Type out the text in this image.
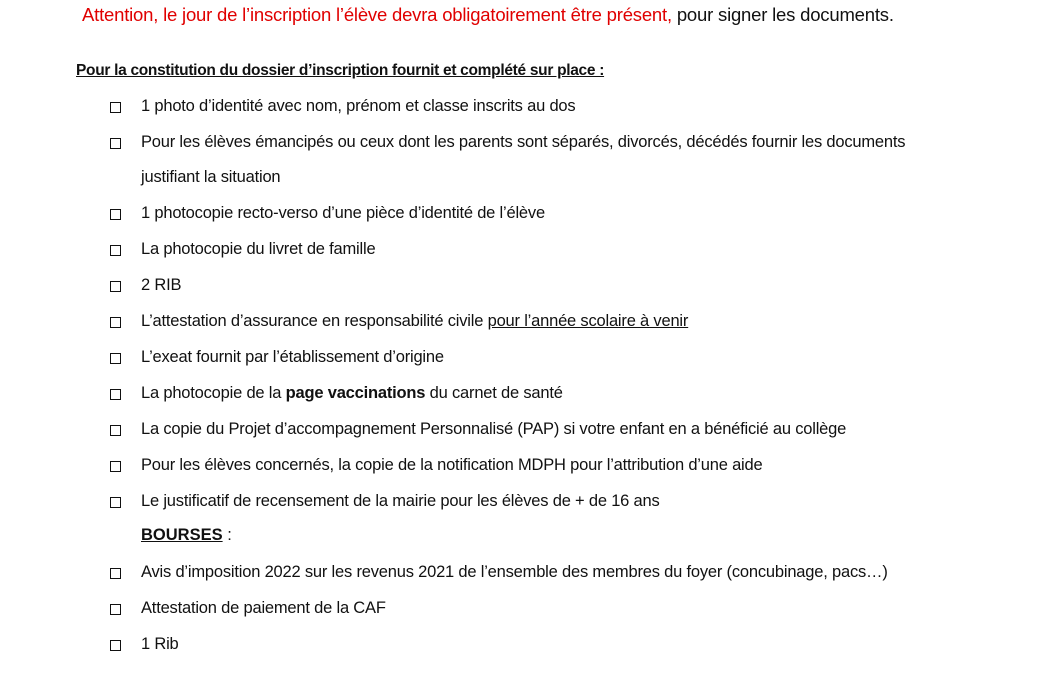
Attention, le jour de l’inscription l’élève devra obligatoirement être présent, pour signer les documents.
Pour la constitution du dossier d’inscription fournit et complété sur place :
1 photo d’identité avec nom, prénom et classe inscrits au dos
Pour les élèves émancipés ou ceux dont les parents sont séparés, divorcés, décédés fournir les documents
justifiant la situation
1 photocopie recto-verso d’une pièce d’identité de l’élève
La photocopie du livret de famille
2 RIB
L’attestation d’assurance en responsabilité civile pour l’année scolaire à venir
L’exeat fournit par l’établissement d’origine
La photocopie de la page vaccinations du carnet de santé
La copie du Projet d’accompagnement Personnalisé (PAP) si votre enfant en a bénéficié au collège
Pour les élèves concernés, la copie de la notification MDPH pour l’attribution d’une aide
Le justificatif de recensement de la mairie pour les élèves de + de 16 ans
BOURSES :
Avis d’imposition 2022 sur les revenus 2021 de l’ensemble des membres du foyer (concubinage, pacs…)
Attestation de paiement de la CAF
1 Rib
